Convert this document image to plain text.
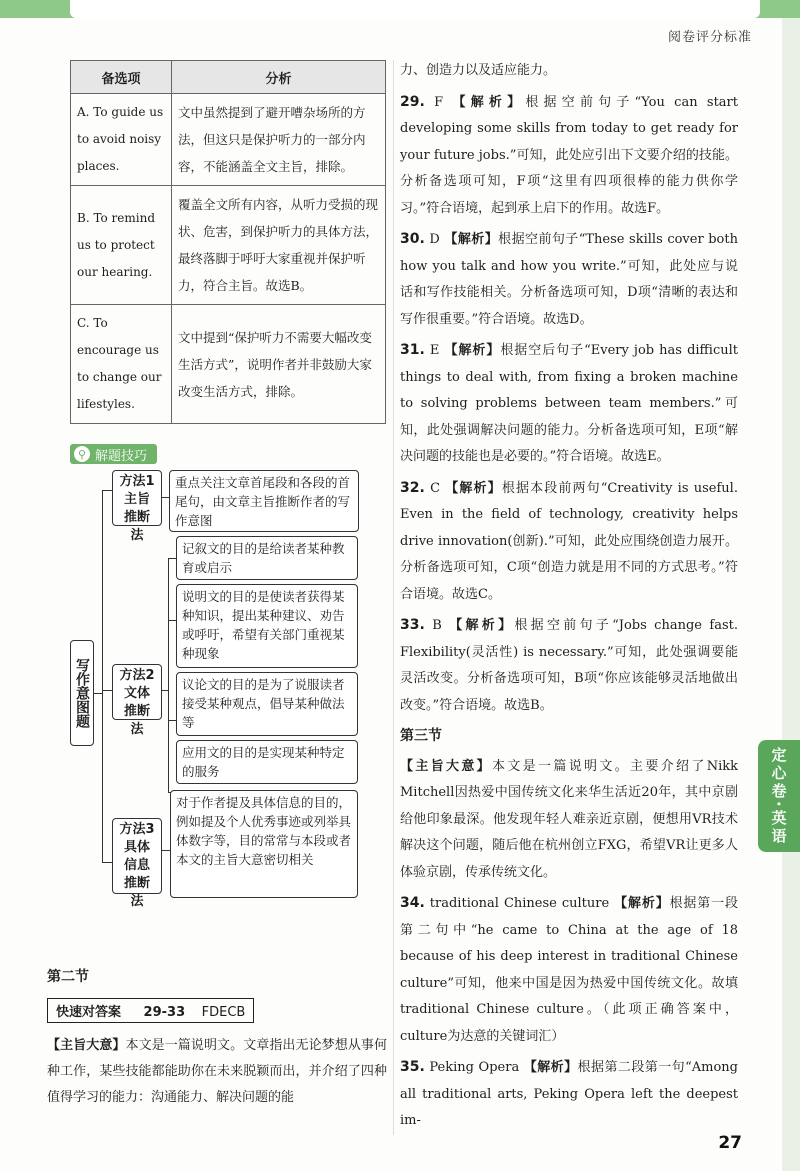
阅卷评分标准
定心卷·英语
备选项	分析
A. To guide us to avoid noisy places.	文中虽然提到了避开嘈杂场所的方法，但这只是保护听力的一部分内容，不能涵盖全文主旨，排除。
B. To remind us to protect our hearing.	覆盖全文所有内容，从听力受损的现状、危害，到保护听力的具体方法，最终落脚于呼吁大家重视并保护听力，符合主旨。故选B。
C. To encourage us to change our lifestyles.	文中提到“保护听力不需要大幅改变生活方式”，说明作者并非鼓励大家改变生活方式，排除。
⚲ 解题技巧
写作意图题
方法1主旨推断法
重点关注文章首尾段和各段的首尾句，由文章主旨推断作者的写作意图
方法2文体推断法
记叙文的目的是给读者某种教育或启示
说明文的目的是使读者获得某种知识，提出某种建议、劝告或呼吁，希望有关部门重视某种现象
议论文的目的是为了说服读者接受某种观点，倡导某种做法等
应用文的目的是实现某种特定的服务
方法3具体信息推断法
对于作者提及具体信息的目的，例如提及个人优秀事迹或列举具体数字等，目的常常与本段或者本文的主旨大意密切相关
第二节
快速对答案 29-33 FDECB
【主旨大意】本文是一篇说明文。文章指出无论梦想从事何种工作，某些技能都能助你在未来脱颖而出，并介绍了四种值得学习的能力：沟通能力、解决问题的能
力、创造力以及适应能力。
29. F 【解析】根据空前句子“You can start developing some skills from today to get ready for your future jobs.”可知，此处应引出下文要介绍的技能。分析备选项可知，F项“这里有四项很棒的能力供你学习。”符合语境，起到承上启下的作用。故选F。
30. D 【解析】根据空前句子“These skills cover both how you talk and how you write.”可知，此处应与说话和写作技能相关。分析备选项可知，D项“清晰的表达和写作很重要。”符合语境。故选D。
31. E 【解析】根据空后句子“Every job has difficult things to deal with, from fixing a broken machine to solving problems between team members.”可知，此处强调解决问题的能力。分析备选项可知，E项“解决问题的技能也是必要的。”符合语境。故选E。
32. C 【解析】根据本段前两句“Creativity is useful. Even in the field of technology, creativity helps drive innovation(创新).”可知，此处应围绕创造力展开。分析备选项可知，C项“创造力就是用不同的方式思考。”符合语境。故选C。
33. B 【解析】根据空前句子“Jobs change fast. Flexibility(灵活性) is necessary.”可知，此处强调要能灵活改变。分析备选项可知，B项“你应该能够灵活地做出改变。”符合语境。故选B。
第三节
【主旨大意】本文是一篇说明文。主要介绍了Nikk Mitchell因热爱中国传统文化来华生活近20年，其中京剧给他印象最深。他发现年轻人难亲近京剧，便想用VR技术解决这个问题，随后他在杭州创立FXG，希望VR让更多人体验京剧，传承传统文化。
34. traditional Chinese culture 【解析】根据第一段第二句中“he came to China at the age of 18 because of his deep interest in traditional Chinese culture”可知，他来中国是因为热爱中国传统文化。故填traditional Chinese culture。（此项正确答案中，culture为达意的关键词汇）
35. Peking Opera 【解析】根据第二段第一句“Among all traditional arts, Peking Opera left the deepest im-
27
